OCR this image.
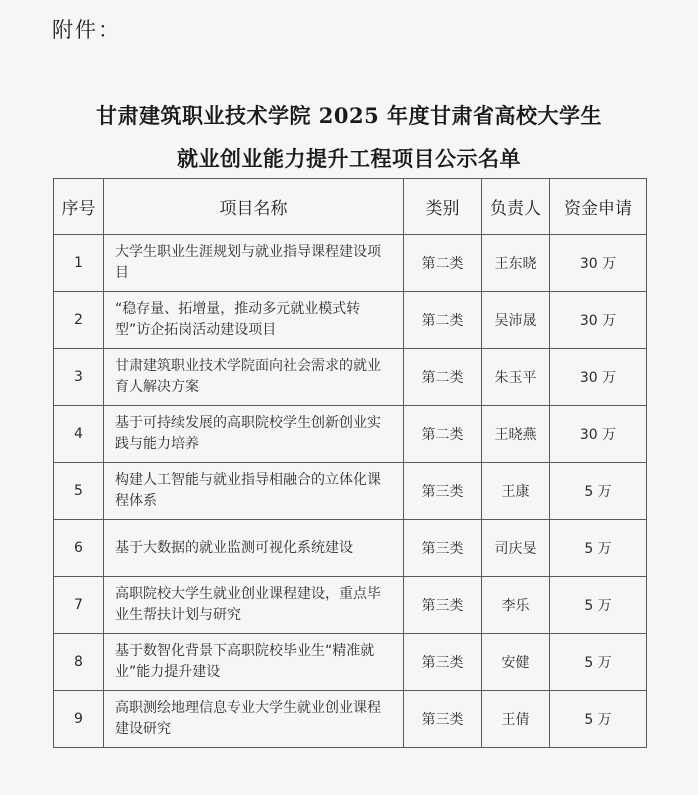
附件：
甘肃建筑职业技术学院 2025 年度甘肃省高校大学生
就业创业能力提升工程项目公示名单
序号	项目名称	类别	负责人	资金申请
1	大学生职业生涯规划与就业指导课程建设项目	第二类	王东晓	30 万
2	“稳存量、拓增量，推动多元就业模式转型”访企拓岗活动建设项目	第二类	吴沛晟	30 万
3	甘肃建筑职业技术学院面向社会需求的就业育人解决方案	第二类	朱玉平	30 万
4	基于可持续发展的高职院校学生创新创业实践与能力培养	第二类	王晓燕	30 万
5	构建人工智能与就业指导相融合的立体化课程体系	第三类	王康	5 万
6	基于大数据的就业监测可视化系统建设	第三类	司庆旻	5 万
7	高职院校大学生就业创业课程建设，重点毕业生帮扶计划与研究	第三类	李乐	5 万
8	基于数智化背景下高职院校毕业生“精准就业”能力提升建设	第三类	安健	5 万
9	高职测绘地理信息专业大学生就业创业课程建设研究	第三类	王倩	5 万
